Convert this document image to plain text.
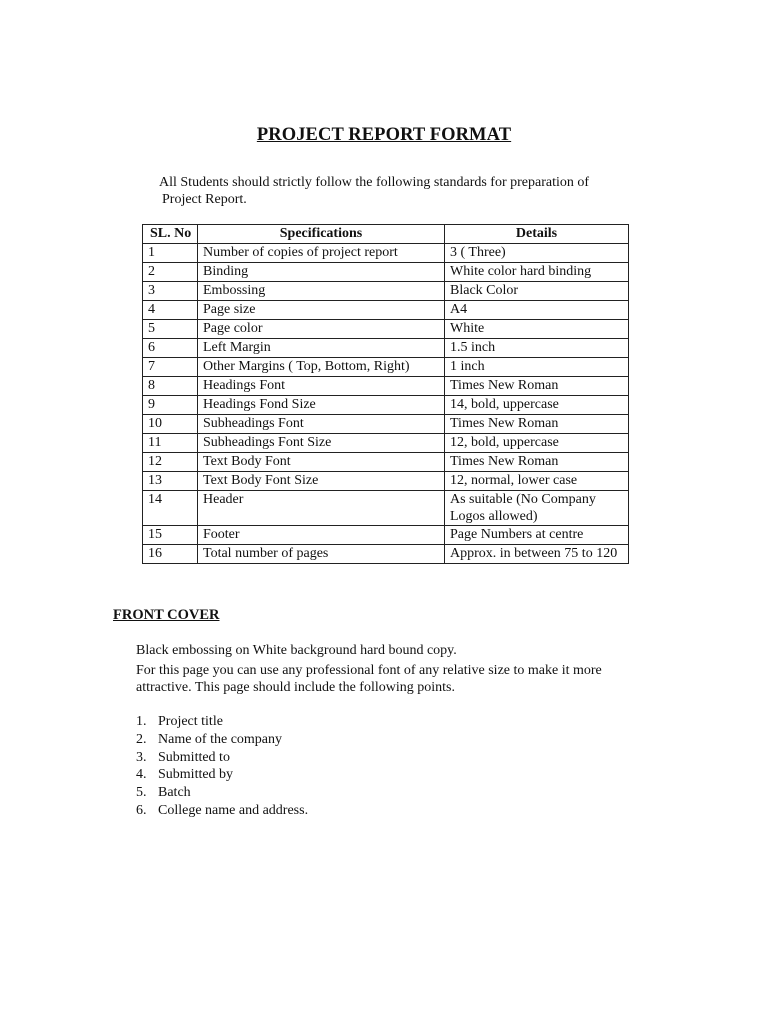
PROJECT REPORT FORMAT
All Students should strictly follow the following standards for preparation of
Project Report.
SL. No	Specifications	Details
1	Number of copies of project report	3 ( Three)
2	Binding	White color hard binding
3	Embossing	Black Color
4	Page size	A4
5	Page color	White
6	Left Margin	1.5 inch
7	Other Margins ( Top, Bottom, Right)	1 inch
8	Headings Font	Times New Roman
9	Headings Fond Size	14, bold, uppercase
10	Subheadings Font	Times New Roman
11	Subheadings Font Size	12, bold, uppercase
12	Text Body Font	Times New Roman
13	Text Body Font Size	12, normal, lower case
14	Header	As suitable (No Company Logos allowed)
15	Footer	Page Numbers at centre
16	Total number of pages	Approx. in between 75 to 120
FRONT COVER
Black embossing on White background hard bound copy.
For this page you can use any professional font of any relative size to make it more
attractive. This page should include the following points.
1. Project title
2. Name of the company
3. Submitted to
4. Submitted by
5. Batch
6. College name and address.
